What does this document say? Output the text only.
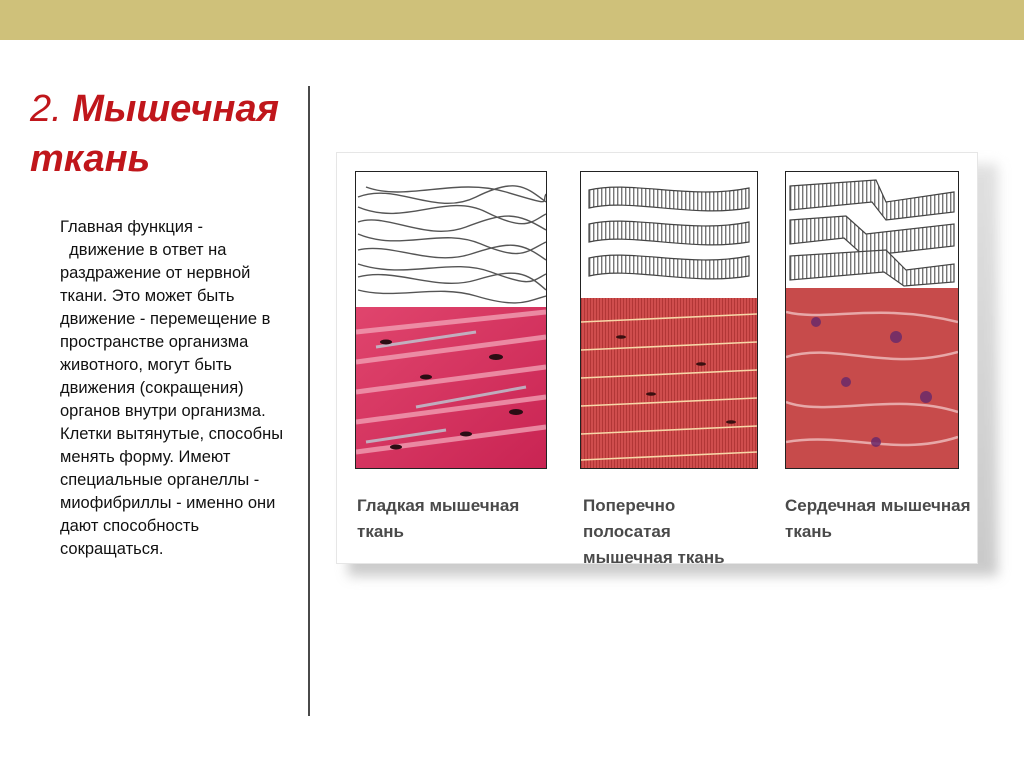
2. Мышечная ткань
Главная функция -
движение в ответ на раздражение от нервной ткани. Это может быть движение - перемещение в пространстве организма животного, могут быть движения (сокращения) органов внутри организма. Клетки вытянутые, способны менять форму. Имеют специальные органеллы - миофибриллы - именно они дают способность сокращаться.
Гладкая мышечная ткань
Поперечно полосатая мышечная ткань
Сердечная мышечная ткань
